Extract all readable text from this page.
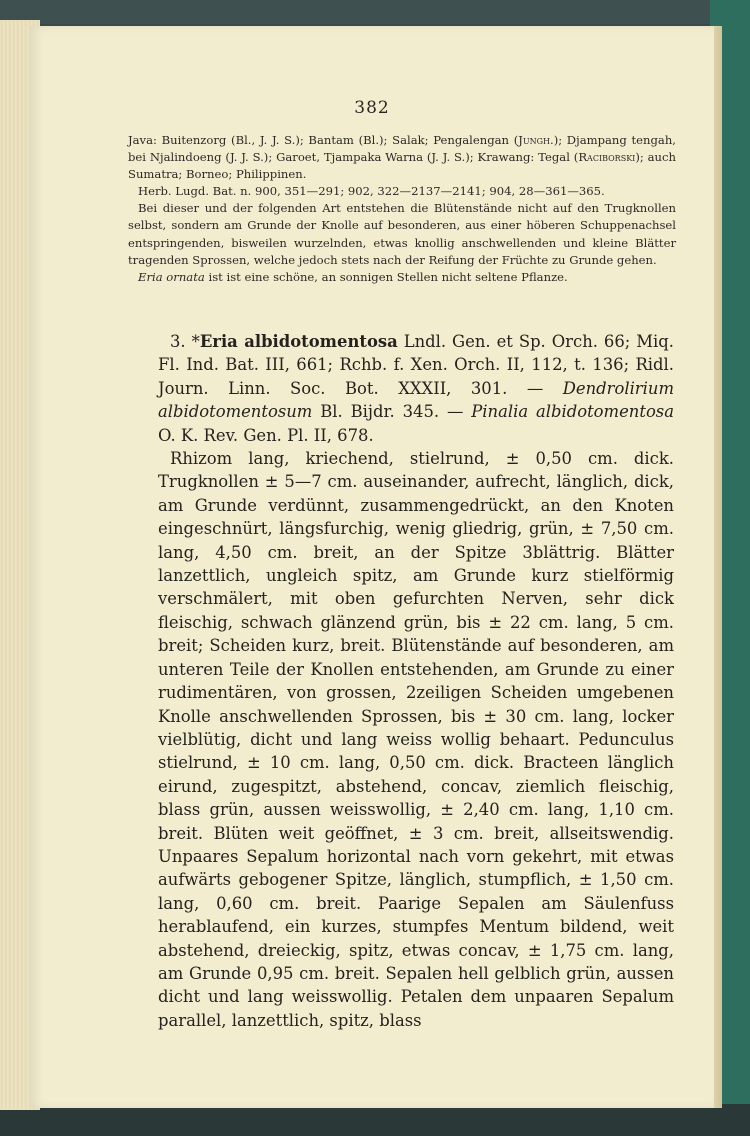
382

Java: Buitenzorg (Bl., J. J. S.); Bantam (Bl.); Salak; Pengalengan (Jungh.); Djampang tengah, bei Njalindoeng (J. J. S.); Garoet, Tjampaka Warna (J. J. S.); Krawang: Tegal (Raciborski); auch Sumatra; Borneo; Philippinen.

Herb. Lugd. Bat. n. 900, 351—291; 902, 322—2137—2141; 904, 28—361—365.

Bei dieser und der folgenden Art entstehen die Blütenstände nicht auf den Trugknollen selbst, sondern am Grunde der Knolle auf besonderen, aus einer höberen Schuppenachsel entspringenden, bisweilen wurzelnden, etwas knollig anschwellenden und kleine Blätter tragenden Sprossen, welche jedoch stets nach der Reifung der Früchte zu Grunde gehen.

Eria ornata ist ist eine schöne, an sonnigen Stellen nicht seltene Pflanze.

3. *Eria albidotomentosa Lndl. Gen. et Sp. Orch. 66; Miq. Fl. Ind. Bat. III, 661; Rchb. f. Xen. Orch. II, 112, t. 136; Ridl. Journ. Linn. Soc. Bot. XXXII, 301. — Dendrolirium albidotomentosum Bl. Bijdr. 345. — Pinalia albidotomentosa O. K. Rev. Gen. Pl. II, 678.

Rhizom lang, kriechend, stielrund, ± 0,50 cm. dick. Trugknollen ± 5—7 cm. auseinander, aufrecht, länglich, dick, am Grunde verdünnt, zusammengedrückt, an den Knoten eingeschnürt, längsfurchig, wenig gliedrig, grün, ± 7,50 cm. lang, 4,50 cm. breit, an der Spitze 3blättrig. Blätter lanzettlich, ungleich spitz, am Grunde kurz stielförmig verschmälert, mit oben gefurchten Nerven, sehr dick fleischig, schwach glänzend grün, bis ± 22 cm. lang, 5 cm. breit; Scheiden kurz, breit. Blütenstände auf besonderen, am unteren Teile der Knollen entstehenden, am Grunde zu einer rudimentären, von grossen, 2zeiligen Scheiden umgebenen Knolle anschwellenden Sprossen, bis ± 30 cm. lang, locker vielblütig, dicht und lang weiss wollig behaart. Pedunculus stielrund, ± 10 cm. lang, 0,50 cm. dick. Bracteen länglich eirund, zugespitzt, abstehend, concav, ziemlich fleischig, blass grün, aussen weisswollig, ± 2,40 cm. lang, 1,10 cm. breit. Blüten weit geöffnet, ± 3 cm. breit, allseitswendig. Unpaares Sepalum horizontal nach vorn gekehrt, mit etwas aufwärts gebogener Spitze, länglich, stumpflich, ± 1,50 cm. lang, 0,60 cm. breit. Paarige Sepalen am Säulenfuss herablaufend, ein kurzes, stumpfes Mentum bildend, weit abstehend, dreieckig, spitz, etwas concav, ± 1,75 cm. lang, am Grunde 0,95 cm. breit. Sepalen hell gelblich grün, aussen dicht und lang weisswollig. Petalen dem unpaaren Sepalum parallel, lanzettlich, spitz, blass
